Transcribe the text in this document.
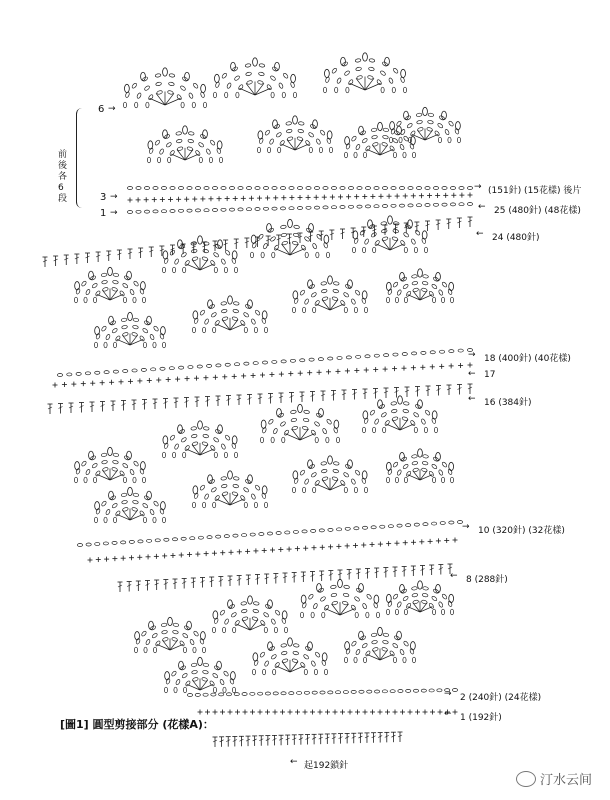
前後各6段
6 →
3 →
1 →
→ (151針) (15花樣) 後片
← 25 (480針) (48花樣)
← 24 (480針)
→ 18 (400針) (40花樣)
← 17
← 16 (384針)
→ 10 (320針) (32花樣)
← 8 (288針)
→ 2 (240針) (24花樣)
← 1 (192針)
[圖1] 圓型剪接部分 (花樣A)：
← 起192鎖針
汀水云间
